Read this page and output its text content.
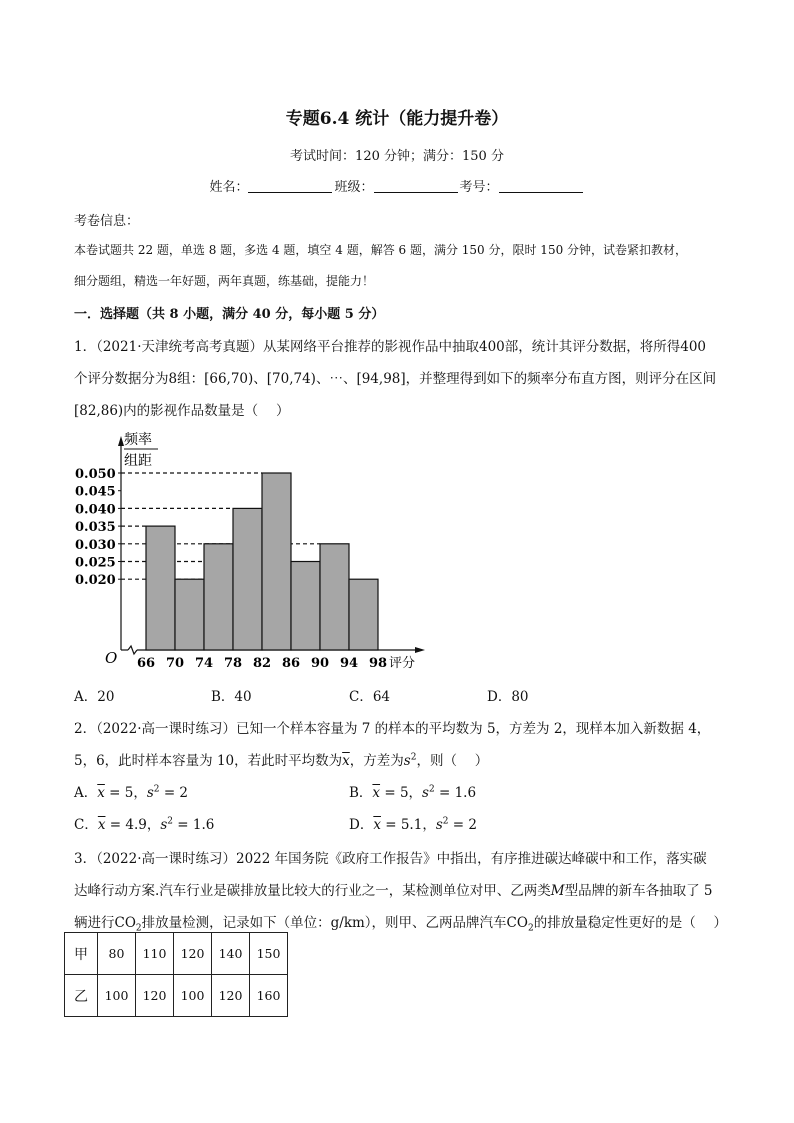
专题6.4 统计（能力提升卷）
考试时间：120 分钟；满分：150 分
姓名：	班级：	考号：
考卷信息：
本卷试题共 22 题，单选 8 题，多选 4 题，填空 4 题，解答 6 题，满分 150 分，限时 150 分钟，试卷紧扣教材，
细分题组，精选一年好题，两年真题，练基础，提能力！
一．选择题（共 8 小题，满分 40 分，每小题 5 分）
1．（2021·天津统考高考真题）从某网络平台推荐的影视作品中抽取400部，统计其评分数据，将所得400
个评分数据分为8组：[66,70)、[70,74)、⋯、[94,98]，并整理得到如下的频率分布直方图，则评分在区间
[82,86)内的影视作品数量是（　 ）
频率
组距
O	评分
0.050
0.045
0.040
0.035
0.030
0.025
0.020
66 70 74 78 82 86 90 94 98
A．20	B．40	C．64	D．80
2．（2022·高一课时练习）已知一个样本容量为 7 的样本的平均数为 5，方差为 2，现样本加入新数据 4，
5，6，此时样本容量为 10，若此时平均数为$\overline{x}$，方差为$s^2$，则（　 ）
A．$\overline{x} = 5$，$s^2 = 2$	B．$\overline{x} = 5$，$s^2 = 1.6$
C．$\overline{x} = 4.9$，$s^2 = 1.6$	D．$\overline{x} = 5.1$，$s^2 = 2$
3．（2022·高一课时练习）2022 年国务院《政府工作报告》中指出，有序推进碳达峰碳中和工作，落实碳
达峰行动方案.汽车行业是碳排放量比较大的行业之一，某检测单位对甲、乙两类M型品牌的新车各抽取了 5
辆进行$CO_2$排放量检测，记录如下（单位：g/km），则甲、乙两品牌汽车$CO_2$的排放量稳定性更好的是（　 ）
甲	80	110	120	140	150
乙	100	120	100	120	160
